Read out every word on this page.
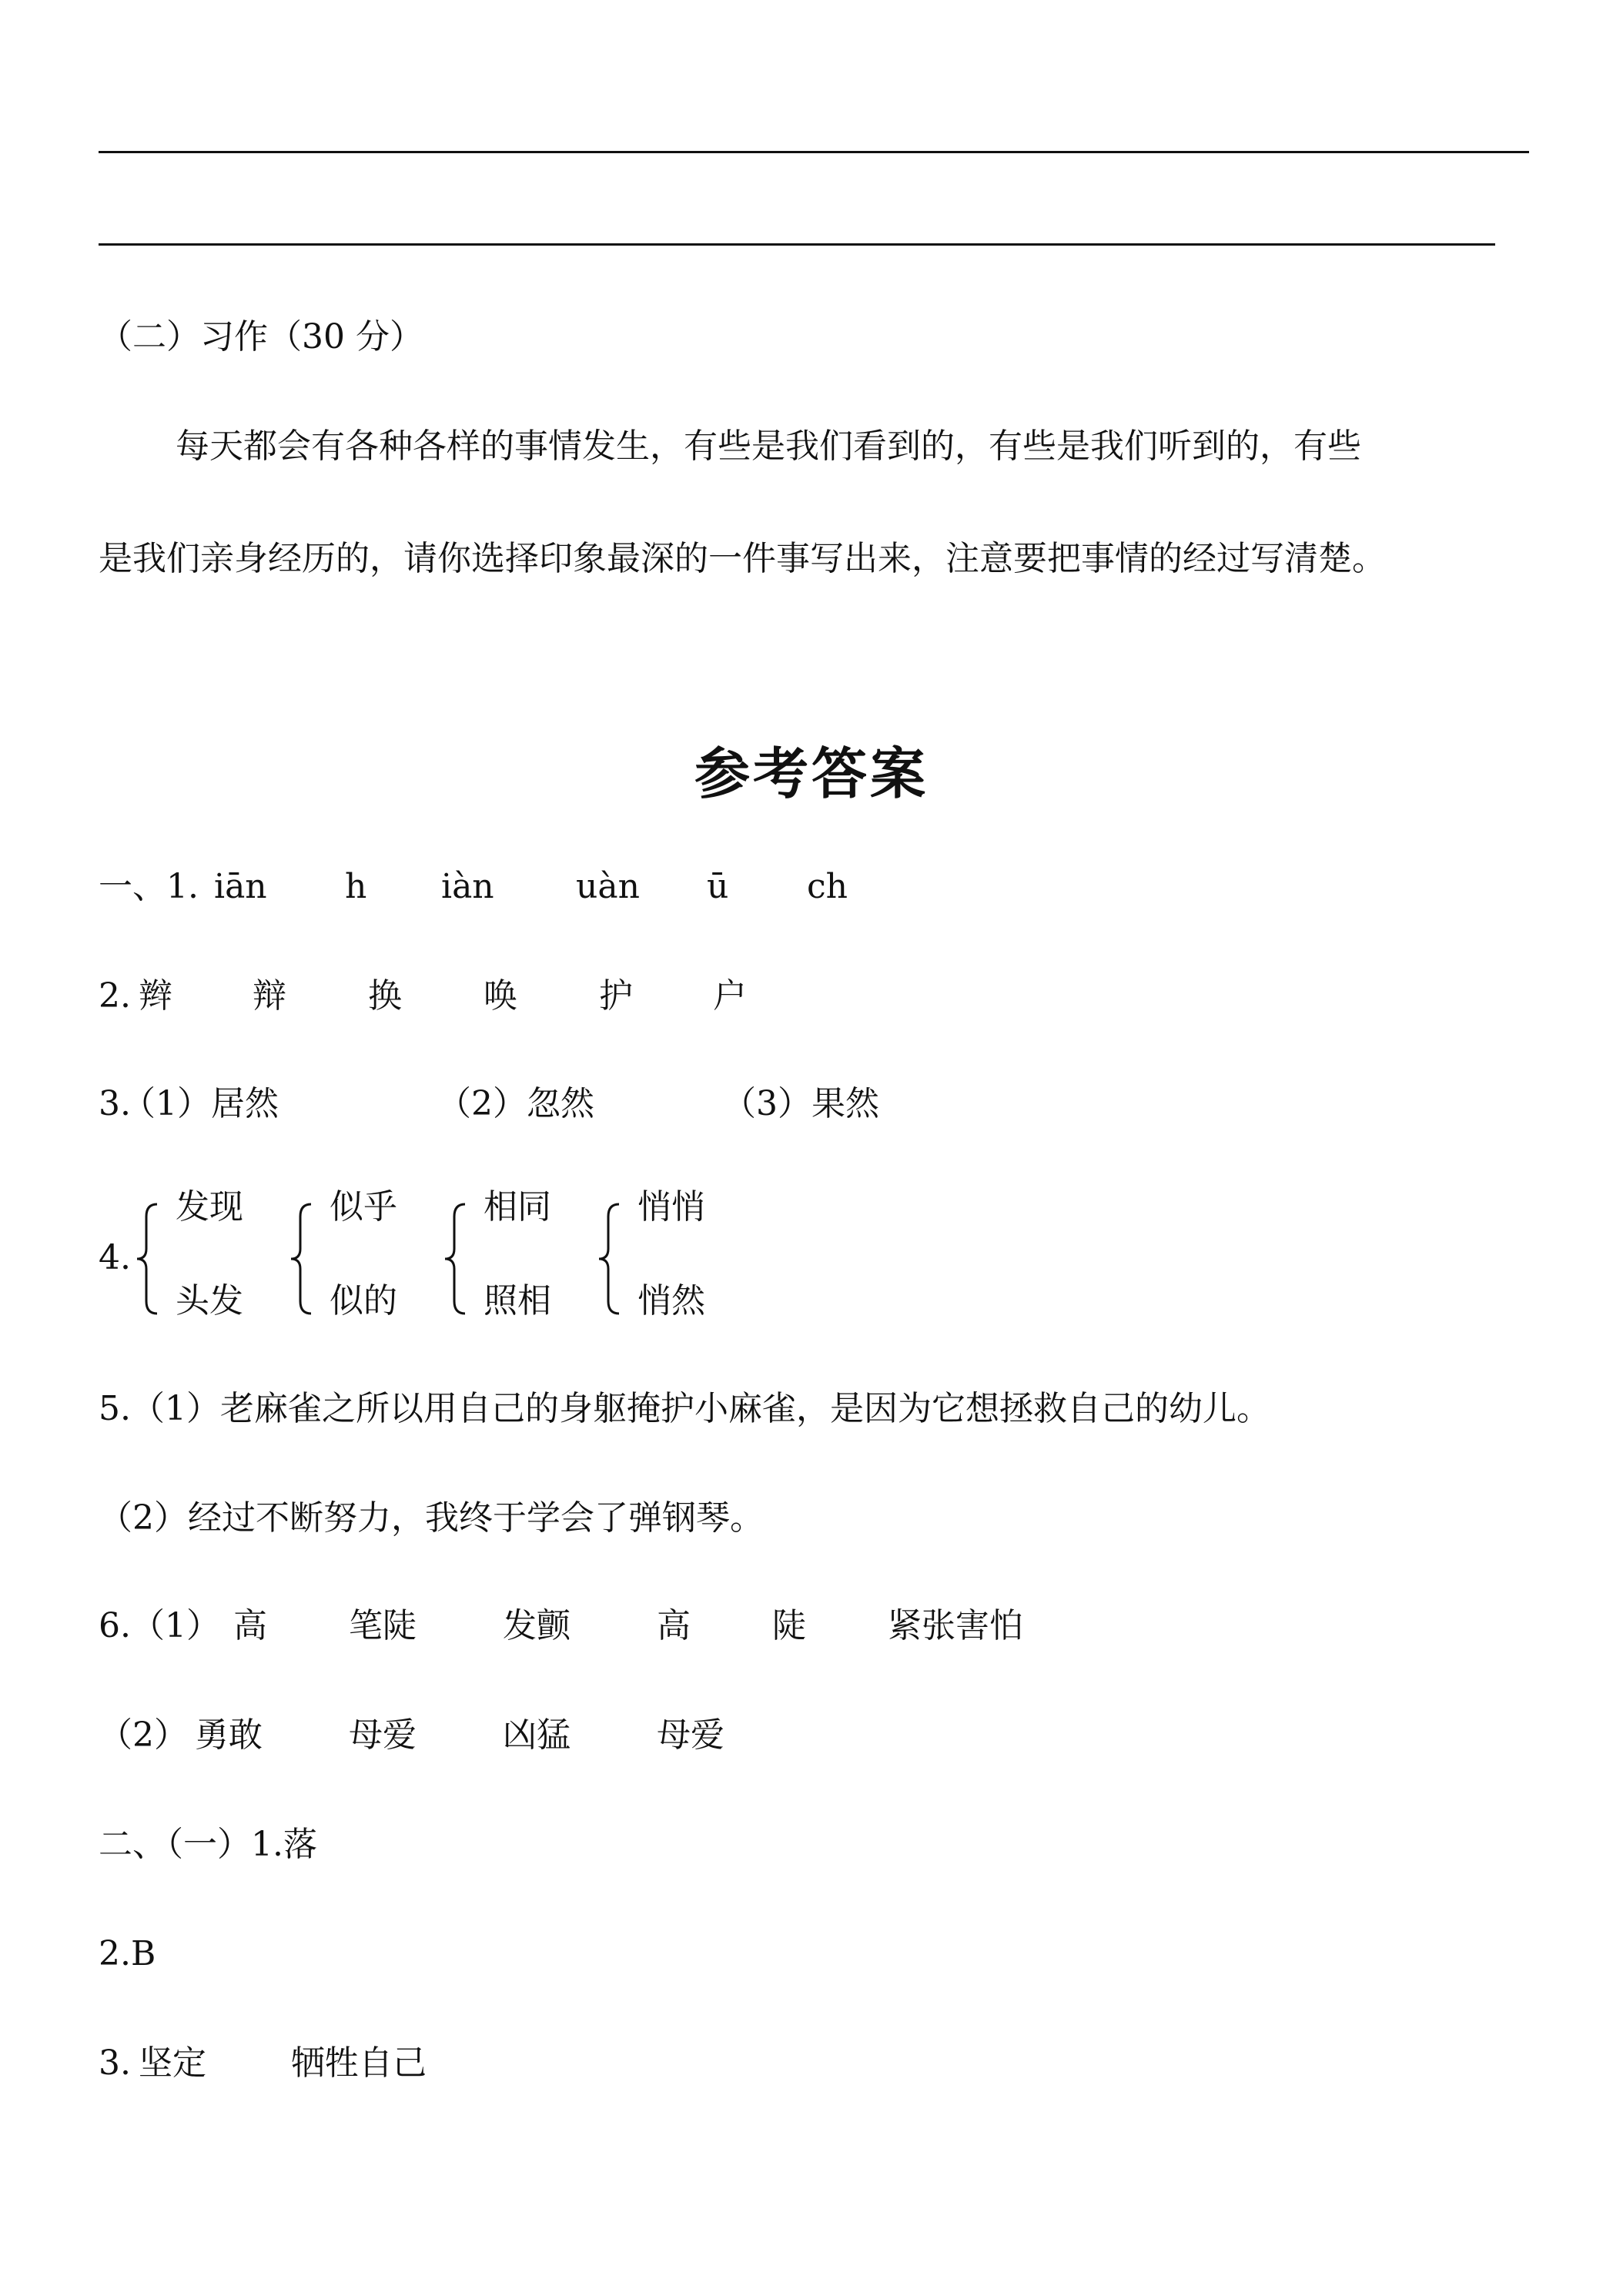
（二）习作（30 分）
每天都会有各种各样的事情发生，有些是我们看到的，有些是我们听到的，有些
是我们亲身经历的，请你选择印象最深的一件事写出来，注意要把事情的经过写清楚。
参考答案
一、1. iān h iàn uàn ū ch
2. 辫 辩 换 唤 护 户
3.
（1）居然	（2）忽然	（3）果然
4.
发现
头发
似乎
似的
相同
照相
悄悄
悄然
5.（1）老麻雀之所以用自己的身躯掩护小麻雀，是因为它想拯救自己的幼儿。
（2）经过不断努力，我终于学会了弹钢琴。
6.（1） 高 笔陡	发颤	高 陡 紧张害怕
（2） 勇敢	母爱	凶猛	母爱
二、（一）1.落
2.B
3. 坚定	牺牲自己
